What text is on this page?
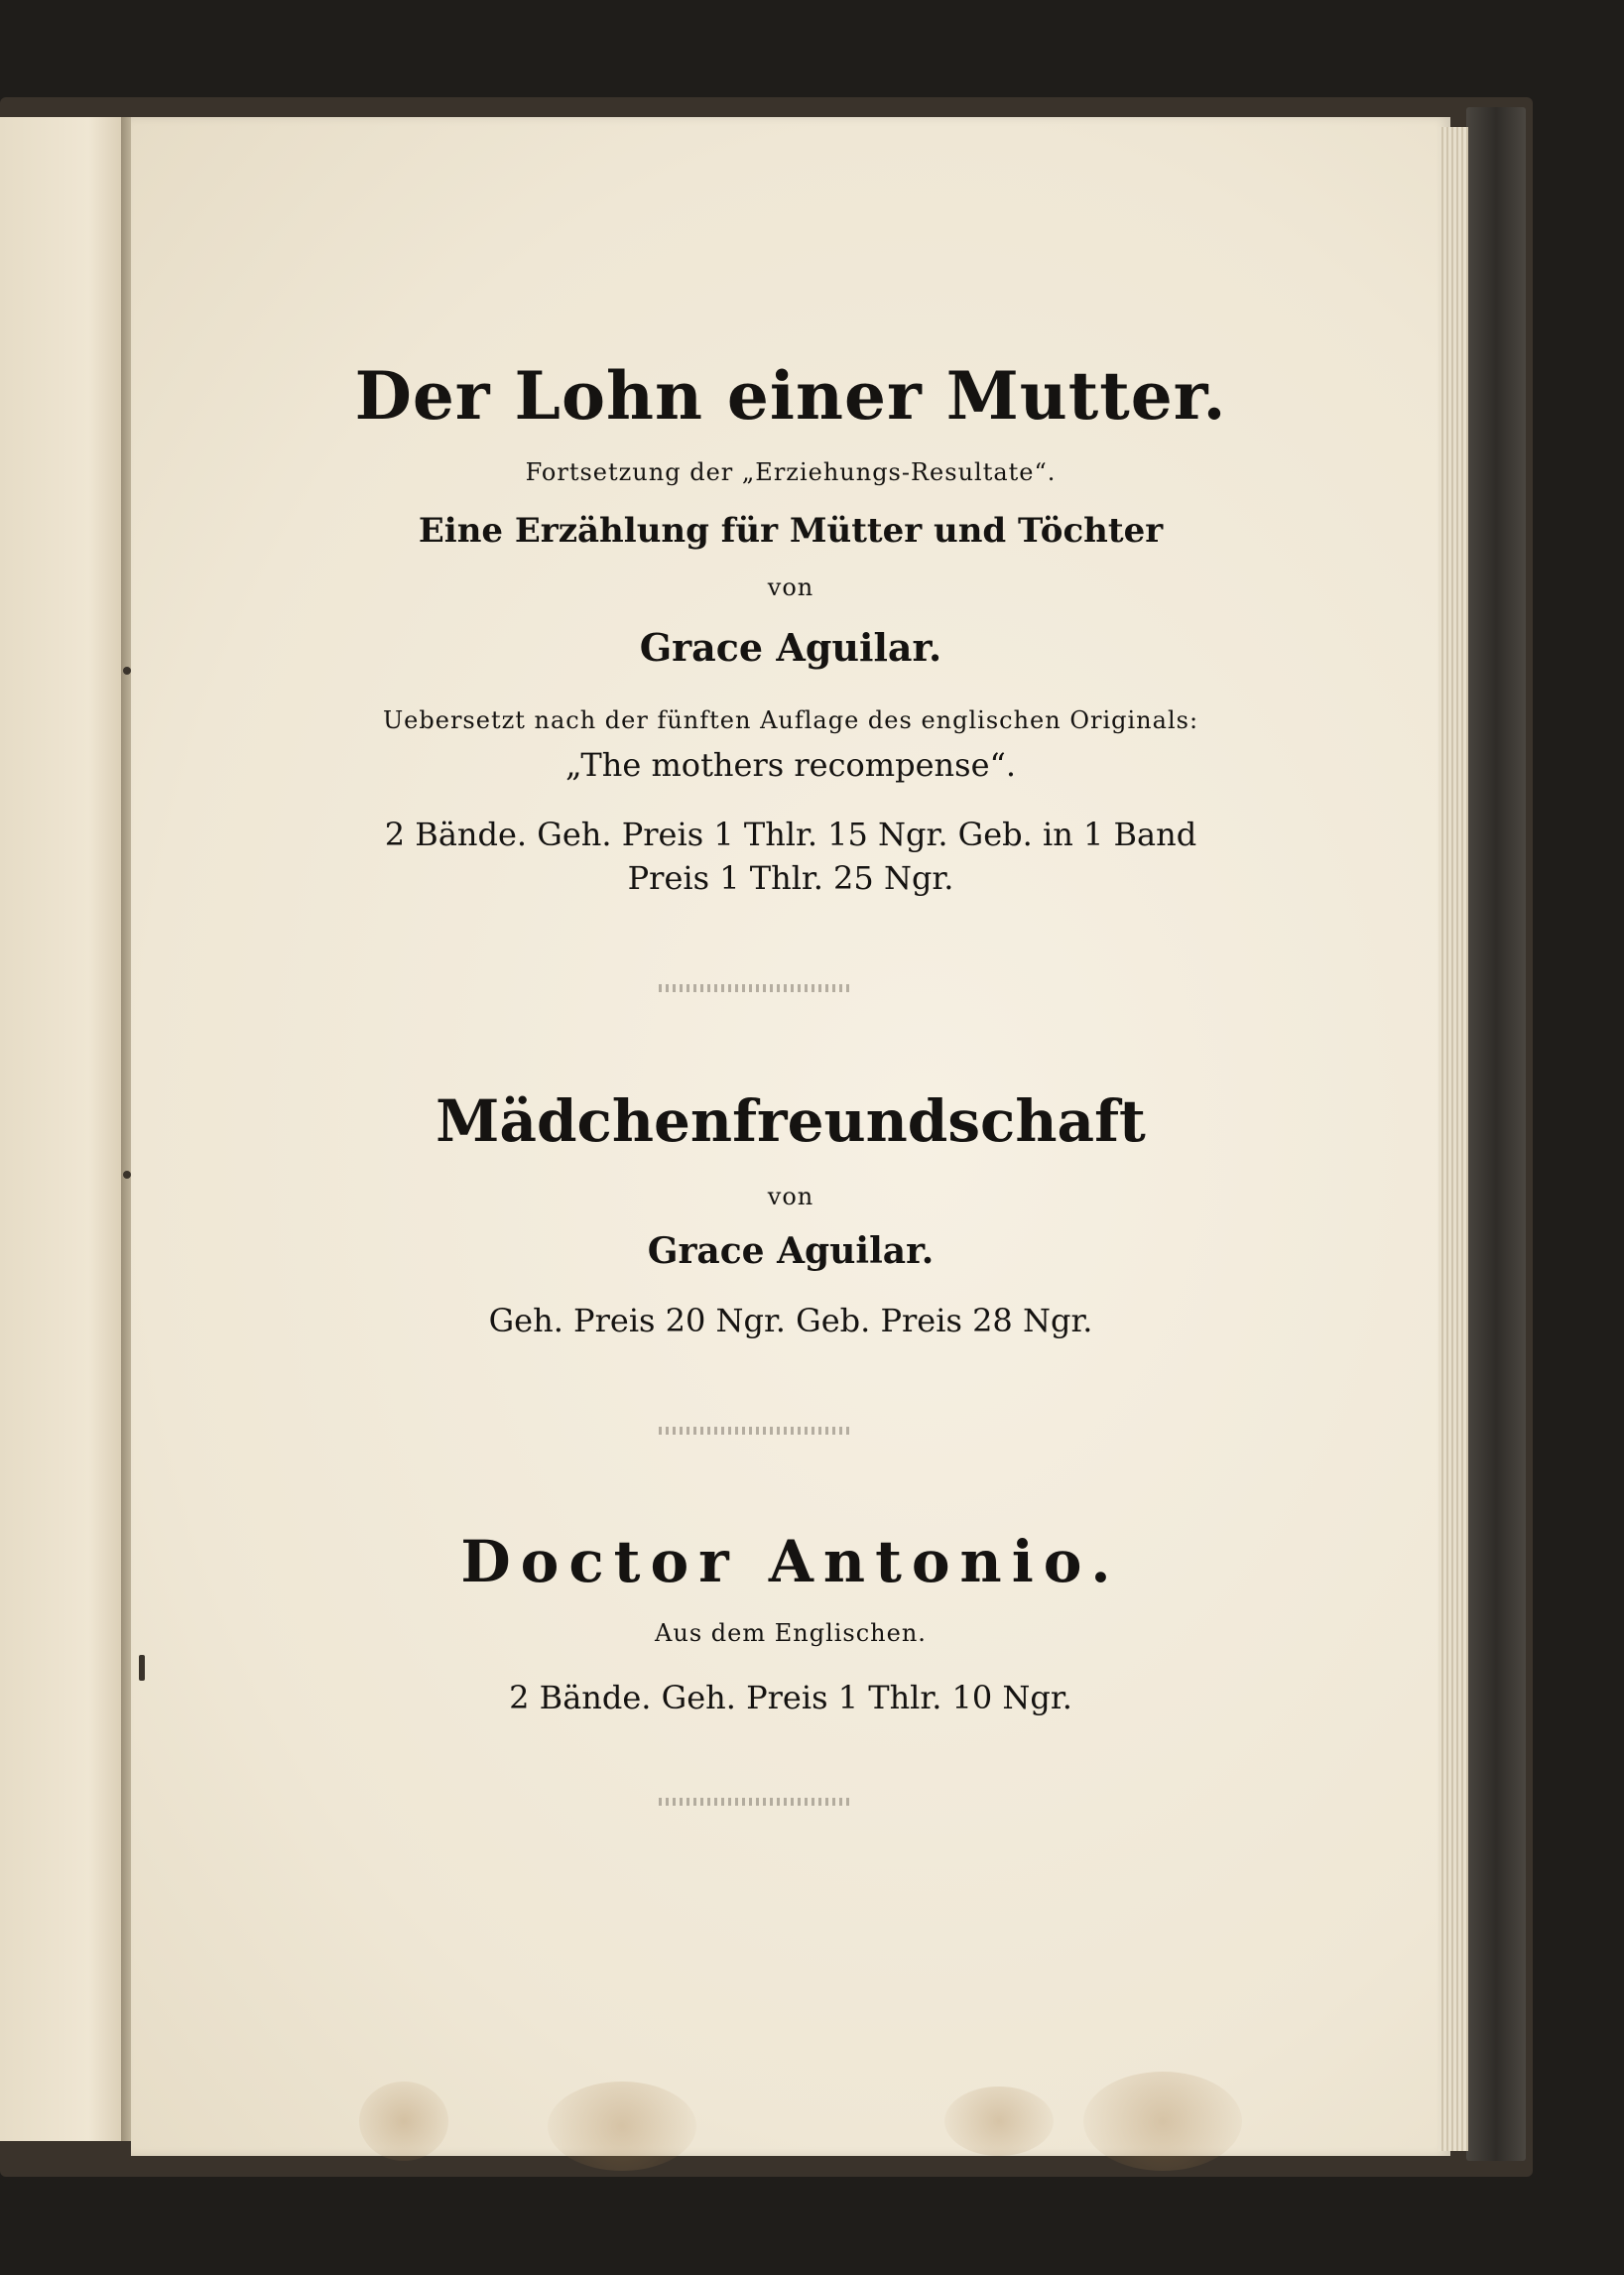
Der Lohn einer Mutter.
Fortsetzung der „Erziehungs-Resultate“.
Eine Erzählung für Mütter und Töchter
von
Grace Aguilar.
Uebersetzt nach der fünften Auflage des englischen Originals:
„The mothers recompense“.
2 Bände. Geh. Preis 1 Thlr. 15 Ngr. Geb. in 1 Band
Preis 1 Thlr. 25 Ngr.
Mädchenfreundschaft
von
Grace Aguilar.
Geh. Preis 20 Ngr. Geb. Preis 28 Ngr.
Doctor Antonio.
Aus dem Englischen.
2 Bände. Geh. Preis 1 Thlr. 10 Ngr.
